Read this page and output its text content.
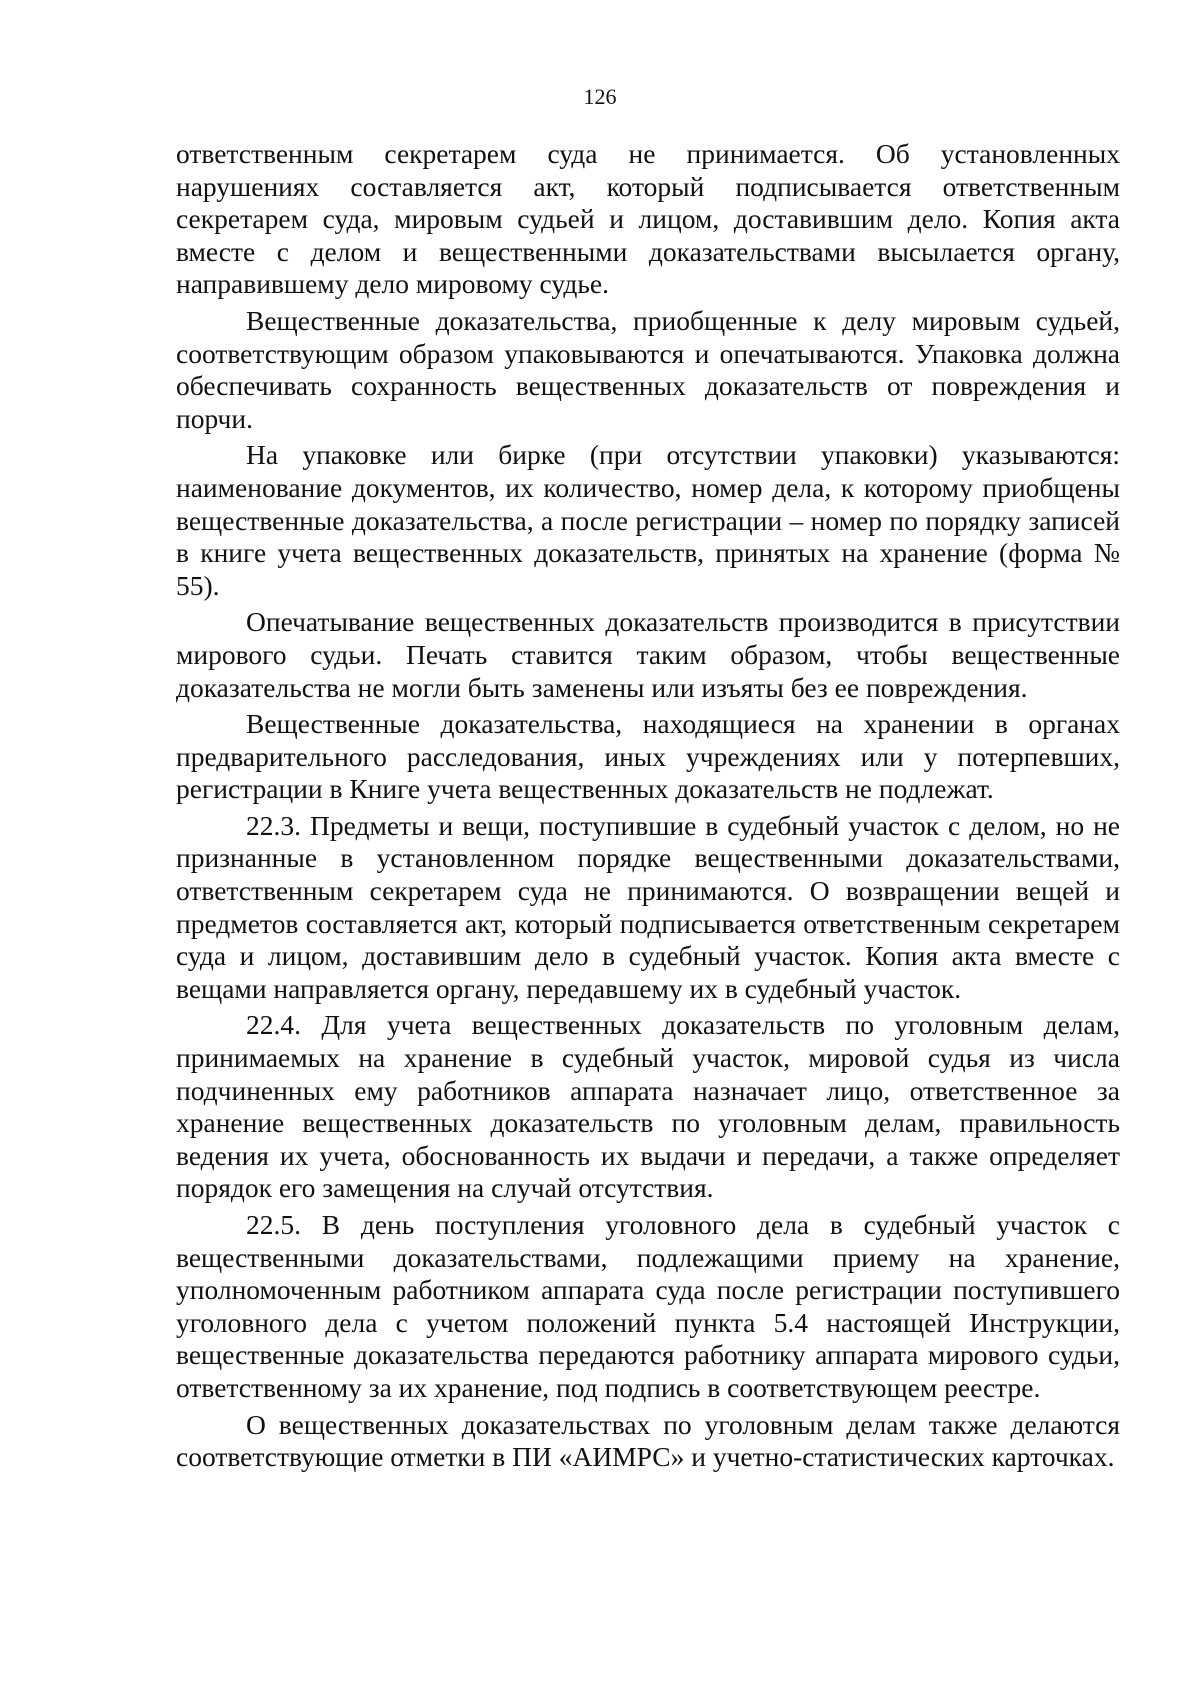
126

ответственным секретарем суда не принимается. Об установленных нарушениях составляется акт, который подписывается ответственным секретарем суда, мировым судьей и лицом, доставившим дело. Копия акта вместе с делом и вещественными доказательствами высылается органу, направившему дело мировому судье.

Вещественные доказательства, приобщенные к делу мировым судьей, соответствующим образом упаковываются и опечатываются. Упаковка должна обеспечивать сохранность вещественных доказательств от повреждения и порчи.

На упаковке или бирке (при отсутствии упаковки) указываются: наименование документов, их количество, номер дела, к которому приобщены вещественные доказательства, а после регистрации – номер по порядку записей в книге учета вещественных доказательств, принятых на хранение (форма № 55).

Опечатывание вещественных доказательств производится в присутствии мирового судьи. Печать ставится таким образом, чтобы вещественные доказательства не могли быть заменены или изъяты без ее повреждения.

Вещественные доказательства, находящиеся на хранении в органах предварительного расследования, иных учреждениях или у потерпевших, регистрации в Книге учета вещественных доказательств не подлежат.

22.3. Предметы и вещи, поступившие в судебный участок с делом, но не признанные в установленном порядке вещественными доказательствами, ответственным секретарем суда не принимаются. О возвращении вещей и предметов составляется акт, который подписывается ответственным секретарем суда и лицом, доставившим дело в судебный участок. Копия акта вместе с вещами направляется органу, передавшему их в судебный участок.

22.4. Для учета вещественных доказательств по уголовным делам, принимаемых на хранение в судебный участок, мировой судья из числа подчиненных ему работников аппарата назначает лицо, ответственное за хранение вещественных доказательств по уголовным делам, правильность ведения их учета, обоснованность их выдачи и передачи, а также определяет порядок его замещения на случай отсутствия.

22.5. В день поступления уголовного дела в судебный участок с вещественными доказательствами, подлежащими приему на хранение, уполномоченным работником аппарата суда после регистрации поступившего уголовного дела с учетом положений пункта 5.4 настоящей Инструкции, вещественные доказательства передаются работнику аппарата мирового судьи, ответственному за их хранение, под подпись в соответствующем реестре.

О вещественных доказательствах по уголовным делам также делаются соответствующие отметки в ПИ «АИМРС» и учетно-статистических карточках.
